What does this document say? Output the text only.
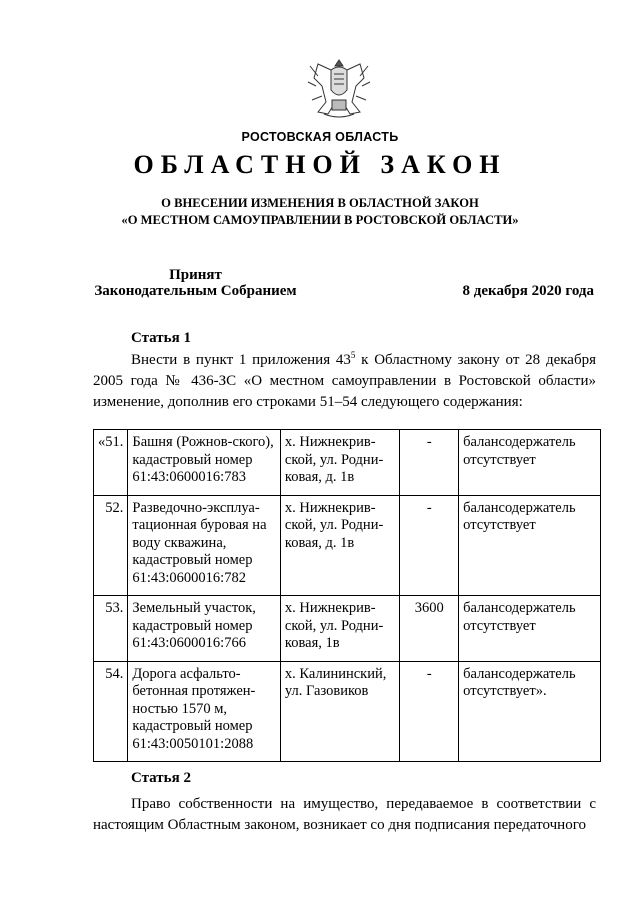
РОСТОВСКАЯ ОБЛАСТЬ
ОБЛАСТНОЙ ЗАКОН
О ВНЕСЕНИИ ИЗМЕНЕНИЯ В ОБЛАСТНОЙ ЗАКОН
«О МЕСТНОМ САМОУПРАВЛЕНИИ В РОСТОВСКОЙ ОБЛАСТИ»
Принят
Законодательным Собранием	8 декабря 2020 года
Статья 1
Внести в пункт 1 приложения $43^5$ к Областному закону от 28 декабря 2005 года № 436-ЗС «О местном самоуправлении в Ростовской области» изменение, дополнив его строками 51–54 следующего содержания:
«51.	Башня (Рожнов-ского), кадастровый номер 61:43:0600016:783	х. Нижнекрив-ской, ул. Родни-ковая, д. 1в	-	балансодержатель отсутствует
52.	Разведочно-эксплуа-тационная буровая на воду скважина, кадастровый номер 61:43:0600016:782	х. Нижнекрив-ской, ул. Родни-ковая, д. 1в	-	балансодержатель отсутствует
53.	Земельный участок, кадастровый номер 61:43:0600016:766	х. Нижнекрив-ской, ул. Родни-ковая, 1в	3600	балансодержатель отсутствует
54.	Дорога асфальто-бетонная протяжен-ностью 1570 м, кадастровый номер 61:43:0050101:2088	х. Калининский, ул. Газовиков	-	балансодержатель отсутствует».
Статья 2
Право собственности на имущество, передаваемое в соответствии с настоящим Областным законом, возникает со дня подписания передаточного
